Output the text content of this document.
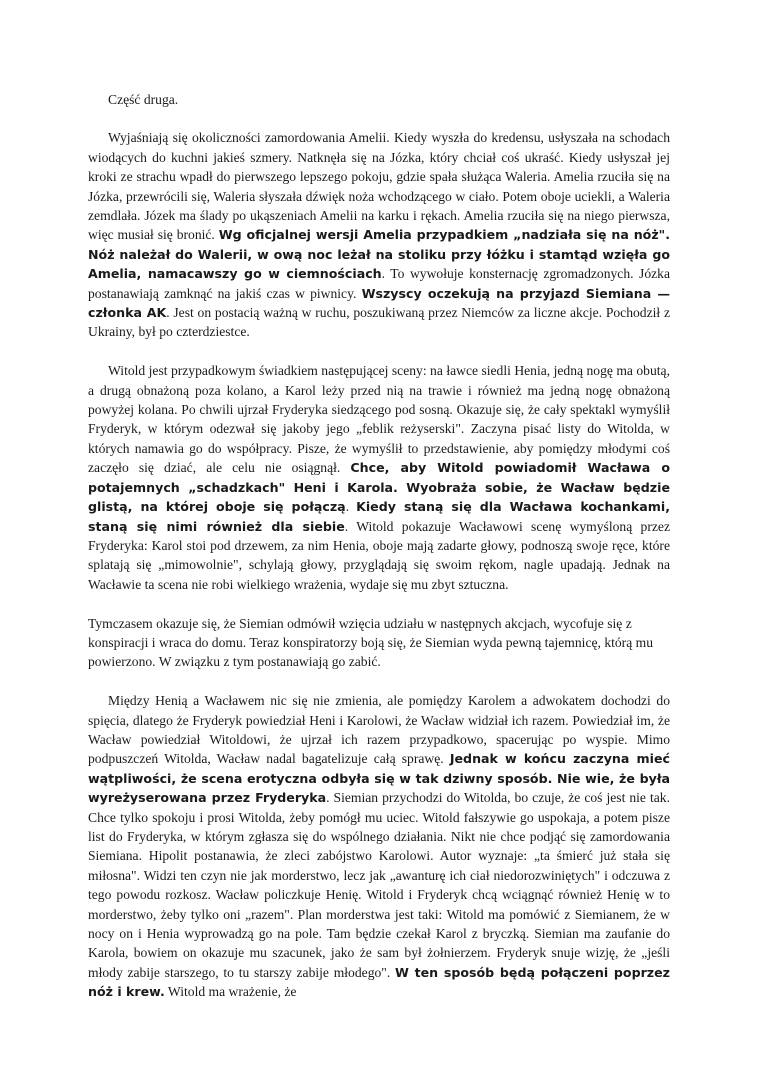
Część druga.

Wyjaśniają się okoliczności zamordowania Amelii. Kiedy wyszła do kredensu, usłyszała na schodach wiodących do kuchni jakieś szmery. Natknęła się na Józka, który chciał coś ukraść. Kiedy usłyszał jej kroki ze strachu wpadł do pierwszego lepszego pokoju, gdzie spała służąca Waleria. Amelia rzuciła się na Józka, przewrócili się, Waleria słyszała dźwięk noża wchodzącego w ciało. Potem oboje uciekli, a Waleria zemdlała. Józek ma ślady po ukąszeniach Amelii na karku i rękach. Amelia rzuciła się na niego pierwsza, więc musiał się bronić. Wg oficjalnej wersji Amelia przypadkiem „nadziała się na nóż". Nóż należał do Walerii, w ową noc leżał na stoliku przy łóżku i stamtąd wzięła go Amelia, namacawszy go w ciemnościach. To wywołuje konsternację zgromadzonych. Józka postanawiają zamknąć na jakiś czas w piwnicy. Wszyscy oczekują na przyjazd Siemiana — członka AK. Jest on postacią ważną w ruchu, poszukiwaną przez Niemców za liczne akcje. Pochodził z Ukrainy, był po czterdziestce.

Witold jest przypadkowym świadkiem następującej sceny: na ławce siedli Henia, jedną nogę ma obutą, a drugą obnażoną poza kolano, a Karol leży przed nią na trawie i również ma jedną nogę obnażoną powyżej kolana. Po chwili ujrzał Fryderyka siedzącego pod sosną. Okazuje się, że cały spektakl wymyślił Fryderyk, w którym odezwał się jakoby jego „feblik reżyserski". Zaczyna pisać listy do Witolda, w których namawia go do współpracy. Pisze, że wymyślił to przedstawienie, aby pomiędzy młodymi coś zaczęło się dziać, ale celu nie osiągnął. Chce, aby Witold powiadomił Wacława o potajemnych „schadzkach" Heni i Karola. Wyobraża sobie, że Wacław będzie glistą, na której oboje się połączą. Kiedy staną się dla Wacława kochankami, staną się nimi również dla siebie. Witold pokazuje Wacławowi scenę wymyśloną przez Fryderyka: Karol stoi pod drzewem, za nim Henia, oboje mają zadarte głowy, podnoszą swoje ręce, które splatają się „mimowolnie", schylają głowy, przyglądają się swoim rękom, nagle upadają. Jednak na Wacławie ta scena nie robi wielkiego wrażenia, wydaje się mu zbyt sztuczna.

Tymczasem okazuje się, że Siemian odmówił wzięcia udziału w następnych akcjach, wycofuje się z konspiracji i wraca do domu. Teraz konspiratorzy boją się, że Siemian wyda pewną tajemnicę, którą mu powierzono. W związku z tym postanawiają go zabić.

Między Henią a Wacławem nic się nie zmienia, ale pomiędzy Karolem a adwokatem dochodzi do spięcia, dlatego że Fryderyk powiedział Heni i Karolowi, że Wacław widział ich razem. Powiedział im, że Wacław powiedział Witoldowi, że ujrzał ich razem przypadkowo, spacerując po wyspie. Mimo podpuszczeń Witolda, Wacław nadal bagatelizuje całą sprawę. Jednak w końcu zaczyna mieć wątpliwości, że scena erotyczna odbyła się w tak dziwny sposób. Nie wie, że była wyreżyserowana przez Fryderyka. Siemian przychodzi do Witolda, bo czuje, że coś jest nie tak. Chce tylko spokoju i prosi Witolda, żeby pomógł mu uciec. Witold fałszywie go uspokaja, a potem pisze list do Fryderyka, w którym zgłasza się do wspólnego działania. Nikt nie chce podjąć się zamordowania Siemiana. Hipolit postanawia, że zleci zabójstwo Karolowi. Autor wyznaje: „ta śmierć już stała się miłosna". Widzi ten czyn nie jak morderstwo, lecz jak „awanturę ich ciał niedorozwiniętych" i odczuwa z tego powodu rozkosz. Wacław policzkuje Henię. Witold i Fryderyk chcą wciągnąć również Henię w to morderstwo, żeby tylko oni „razem". Plan morderstwa jest taki: Witold ma pomówić z Siemianem, że w nocy on i Henia wyprowadzą go na pole. Tam będzie czekał Karol z bryczką. Siemian ma zaufanie do Karola, bowiem on okazuje mu szacunek, jako że sam był żołnierzem. Fryderyk snuje wizję, że „jeśli młody zabije starszego, to tu starszy zabije młodego". W ten sposób będą połączeni poprzez nóż i krew. Witold ma wrażenie, że
